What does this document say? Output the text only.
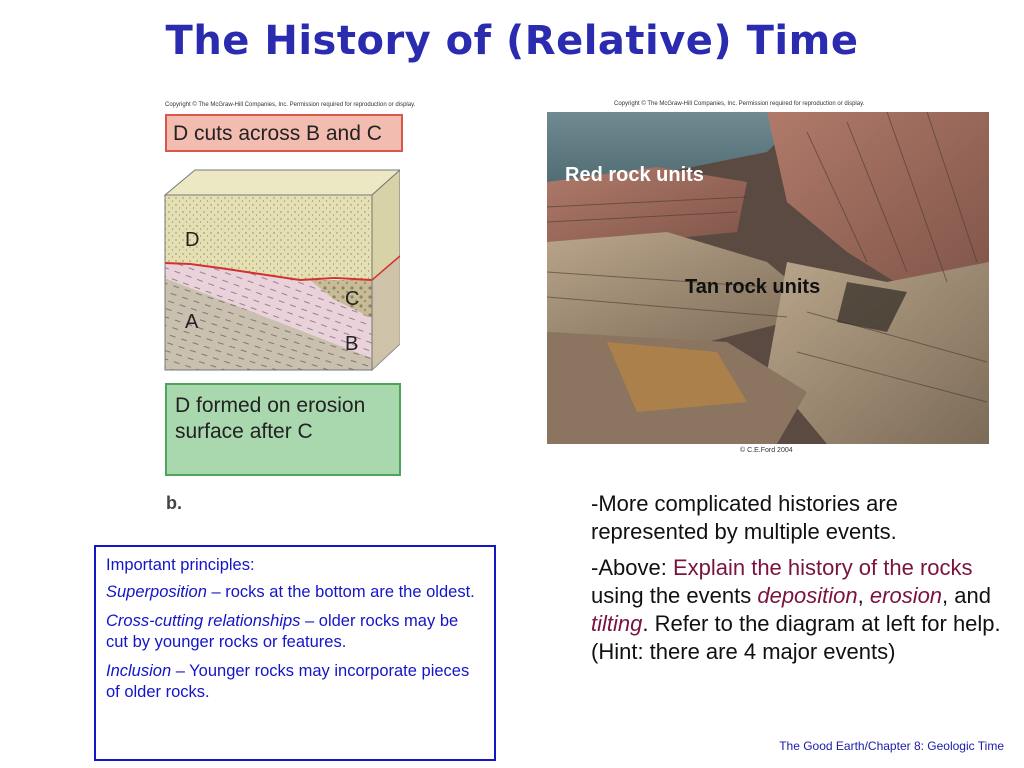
The History of (Relative) Time
Copyright © The McGraw-Hill Companies, Inc. Permission required for reproduction or display.
D cuts across B and C
D
C
A
B
D formed on erosion
surface after C
b.
Copyright © The McGraw-Hill Companies, Inc. Permission required for reproduction or display.
Red rock units
Tan rock units
© C.E.Ford 2004

Important principles:

Superposition – rocks at the bottom are the oldest.

Cross-cutting relationships – older rocks may be cut by younger rocks or features.

Inclusion – Younger rocks may incorporate pieces of older rocks.

-More complicated histories are represented by multiple events.

-Above: Explain the history of the rocks using the events deposition, erosion, and tilting. Refer to the diagram at left for help. (Hint: there are 4 major events)

The Good Earth/Chapter 8: Geologic Time
